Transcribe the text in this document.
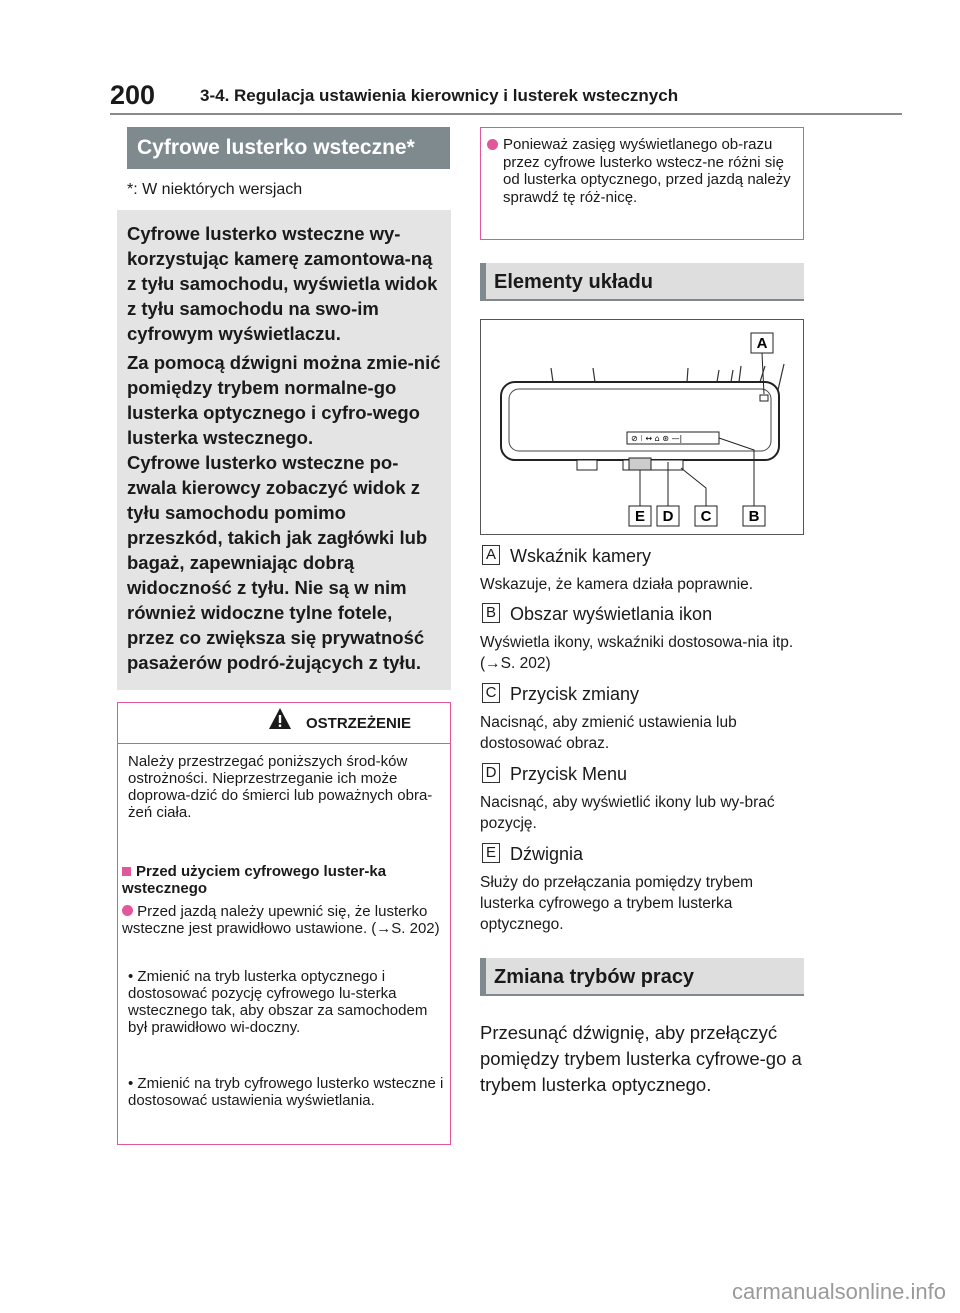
200	3-4. Regulacja ustawienia kierownicy i lusterek wstecznych
Cyfrowe lusterko wsteczne*
*: W niektórych wersjach

Cyfrowe lusterko wsteczne wy-korzystując kamerę zamontowa-ną z tyłu samochodu, wyświetla widok z tyłu samochodu na swo-im cyfrowym wyświetlaczu.

Za pomocą dźwigni można zmie-nić pomiędzy trybem normalne-go lusterka optycznego i cyfro-wego lusterka wstecznego.

Cyfrowe lusterko wsteczne po-zwala kierowcy zobaczyć widok z tyłu samochodu pomimo przeszkód, takich jak zagłówki lub bagaż, zapewniając dobrą widoczność z tyłu. Nie są w nim również widoczne tylne fotele, przez co zwiększa się prywatność pasażerów podró-żujących z tyłu.

OSTRZEŻENIE
Należy przestrzegać poniższych środ-ków ostrożności. Nieprzestrzeganie ich może doprowa-dzić do śmierci lub poważnych obra-żeń ciała.
Przed użyciem cyfrowego luster-ka wstecznego
Przed jazdą należy upewnić się, że lusterko wsteczne jest prawidłowo ustawione. (→S. 202)
• Zmienić na tryb lusterka optycznego i dostosować pozycję cyfrowego lu-sterka wstecznego tak, aby obszar za samochodem był prawidłowo wi-doczny.
• Zmienić na tryb cyfrowego lusterko wsteczne i dostosować ustawienia wyświetlania.
Ponieważ zasięg wyświetlanego ob-razu przez cyfrowe lusterko wstecz-ne różni się od lusterka optycznego, przed jazdą należy sprawdź tę róż-nicę.
Elementy układu
⊘ ⁝ ↔ ⌂ ⊛ —|
A
E D C B
A Wskaźnik kamery
Wskazuje, że kamera działa poprawnie.
B Obszar wyświetlania ikon
Wyświetla ikony, wskaźniki dostosowa-nia itp. (→S. 202)
C Przycisk zmiany
Nacisnąć, aby zmienić ustawienia lub dostosować obraz.
D Przycisk Menu
Nacisnąć, aby wyświetlić ikony lub wy-brać pozycję.
E Dźwignia
Służy do przełączania pomiędzy trybem lusterka cyfrowego a trybem lusterka optycznego.
Zmiana trybów pracy
Przesunąć dźwignię, aby przełączyć pomiędzy trybem lusterka cyfrowe-go a trybem lusterka optycznego.
carmanualsonline.info
